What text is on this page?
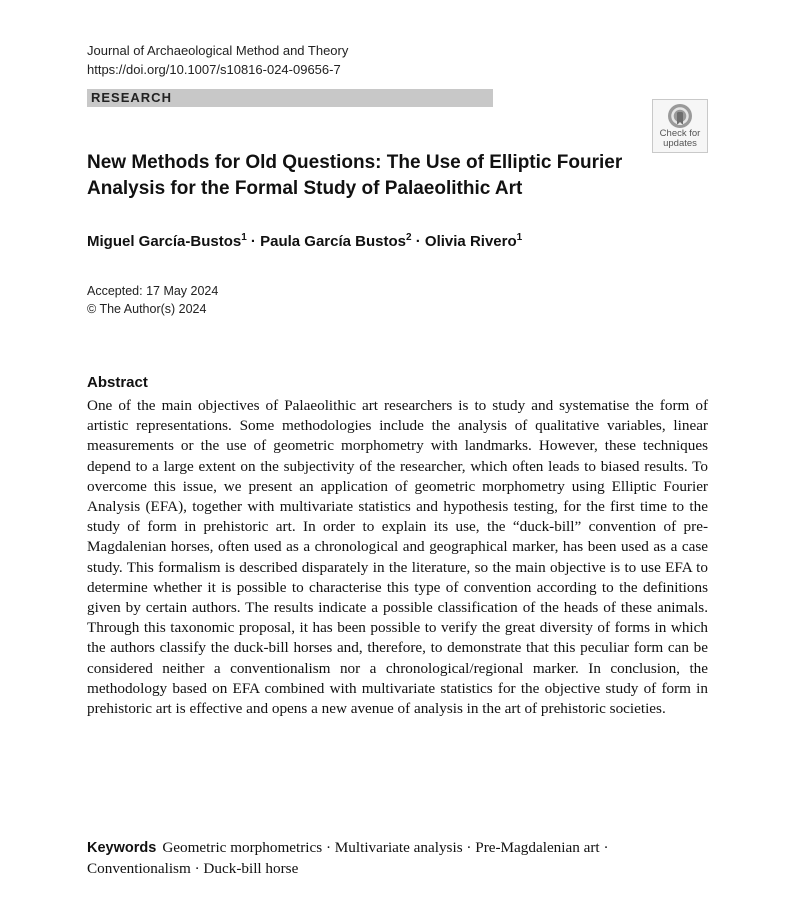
Journal of Archaeological Method and Theory
https://doi.org/10.1007/s10816-024-09656-7
RESEARCH
Check for
updates
New Methods for Old Questions: The Use of Elliptic Fourier Analysis for the Formal Study of Palaeolithic Art
Miguel García-Bustos$^1$ · Paula García Bustos$^2$ · Olivia Rivero$^1$
Accepted: 17 May 2024
© The Author(s) 2024
Abstract
One of the main objectives of Palaeolithic art researchers is to study and systematise the form of artistic representations. Some methodologies include the analysis of qualitative variables, linear measurements or the use of geometric morphometry with landmarks. However, these techniques depend to a large extent on the subjectivity of the researcher, which often leads to biased results. To overcome this issue, we present an application of geometric morphometry using Elliptic Fourier Analysis (EFA), together with multivariate statistics and hypothesis testing, for the first time to the study of form in prehistoric art. In order to explain its use, the “duck-bill” convention of pre-Magdalenian horses, often used as a chronological and geographical marker, has been used as a case study. This formalism is described disparately in the literature, so the main objective is to use EFA to determine whether it is possible to characterise this type of convention according to the definitions given by certain authors. The results indicate a possible classification of the heads of these animals. Through this taxonomic proposal, it has been possible to verify the great diversity of forms in which the authors classify the duck-bill horses and, therefore, to demonstrate that this peculiar form can be considered neither a conventionalism nor a chronological/regional marker. In conclusion, the methodology based on EFA combined with multivariate statistics for the objective study of form in prehistoric art is effective and opens a new avenue of analysis in the art of prehistoric societies.
Keywords Geometric morphometrics · Multivariate analysis · Pre-Magdalenian art · Conventionalism · Duck-bill horse
